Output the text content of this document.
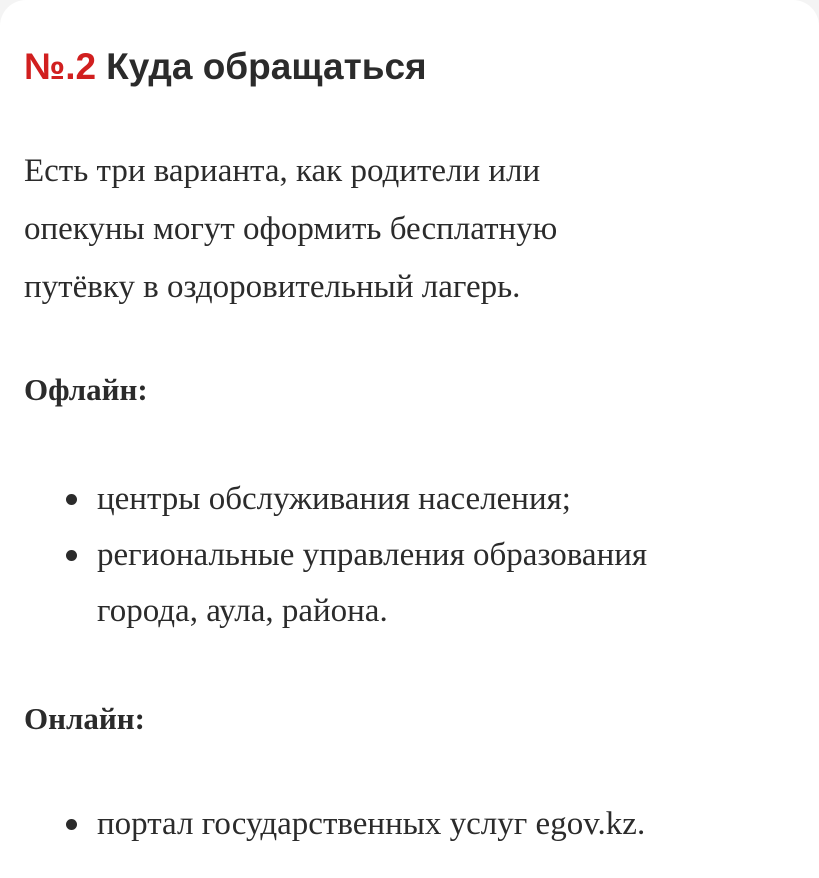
№.2 Куда обращаться

Есть три варианта, как родители или
опекуны могут оформить бесплатную
путёвку в оздоровительный лагерь.

Офлайн:
центры обслуживания населения;
региональные управления образования
города, аула, района.
Онлайн:
портал государственных услуг egov.kz.
